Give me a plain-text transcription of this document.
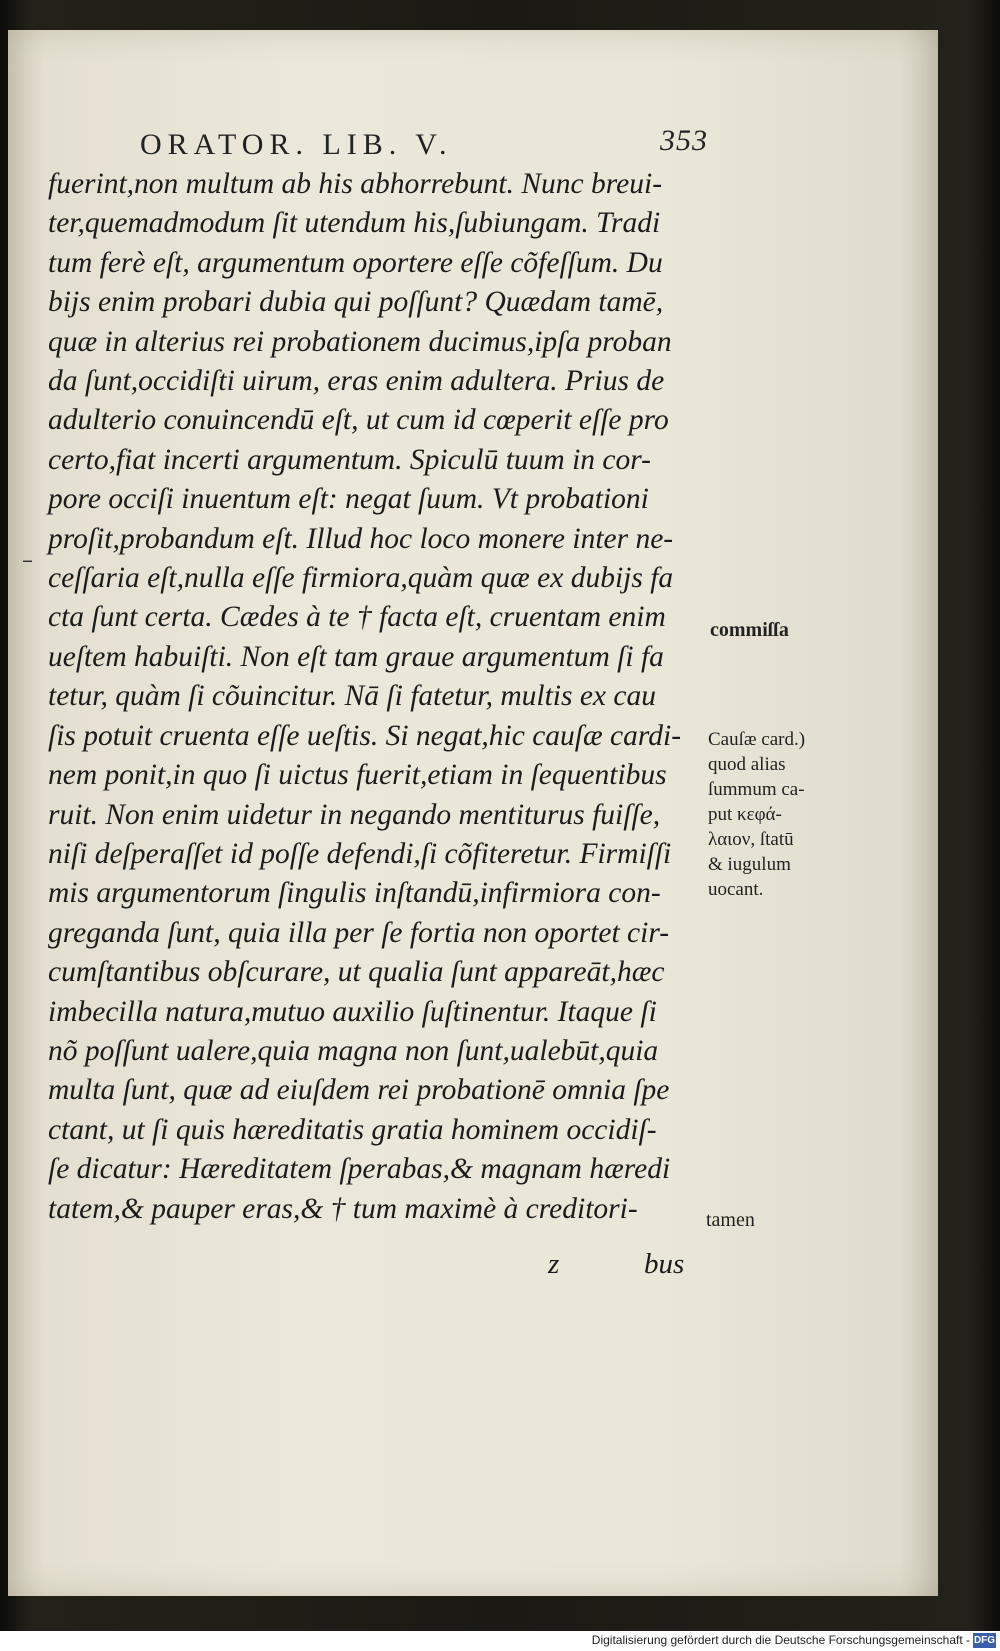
ORATOR. LIB. V.	353
–
fuerint,non multum ab his abhorrebunt. Nunc breui-
ter,quemadmodum ſit utendum his,ſubiungam. Tradi
tum ferè eſt, argumentum oportere eſſe cõfeſſum. Du
bijs enim probari dubia qui poſſunt? Quædam tamē,
quæ in alterius rei probationem ducimus,ipſa proban
da ſunt,occidiſti uirum, eras enim adultera. Prius de
adulterio conuincendū eſt, ut cum id cœperit eſſe pro
certo,fiat incerti argumentum. Spiculū tuum in cor-
pore occiſi inuentum eſt: negat ſuum. Vt probationi
proſit,probandum eſt. Illud hoc loco monere inter ne-
ceſſaria eſt,nulla eſſe firmiora,quàm quæ ex dubijs fa
cta ſunt certa. Cædes à te † facta eſt, cruentam enim
ueſtem habuiſti. Non eſt tam graue argumentum ſi fa
tetur, quàm ſi cõuincitur. Nā ſi fatetur, multis ex cau
ſis potuit cruenta eſſe ueſtis. Si negat,hic cauſæ cardi-
nem ponit,in quo ſi uictus fuerit,etiam in ſequentibus
ruit. Non enim uidetur in negando mentiturus fuiſſe,
niſi deſperaſſet id poſſe defendi,ſi cõfiteretur. Firmiſſi
mis argumentorum ſingulis inſtandū,infirmiora con-
greganda ſunt, quia illa per ſe fortia non oportet cir-
cumſtantibus obſcurare, ut qualia ſunt appareāt,hæc
imbecilla natura,mutuo auxilio ſuſtinentur. Itaque ſi
nõ poſſunt ualere,quia magna non ſunt,ualebūt,quia
multa ſunt, quæ ad eiuſdem rei probationē omnia ſpe
ctant, ut ſi quis hæreditatis gratia hominem occidiſ-
ſe dicatur: Hæreditatem ſperabas,& magnam hæredi
tatem,& pauper eras,& † tum maximè à creditori-
commiſſa
Cauſæ card.)
quod alias
ſummum ca-
put κεφά-
λαιον, ſtatū
& iugulum
uocant.
tamen
z	bus
Digitalisierung gefördert durch die Deutsche Forschungsgemeinschaft - DFG
